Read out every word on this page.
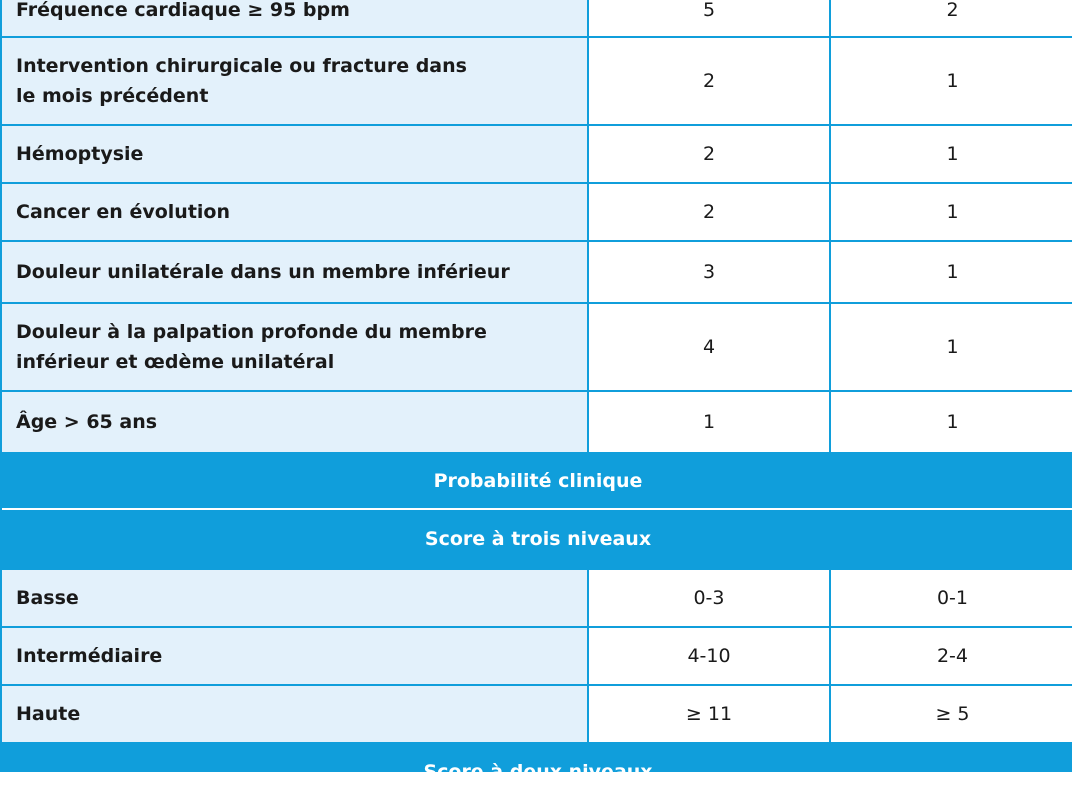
Fréquence cardiaque ≥ 95 bpm	5	2
Intervention chirurgicale ou fracture dans
le mois précédent
2	1
Hémoptysie	2	1
Cancer en évolution	2	1
Douleur unilatérale dans un membre inférieur	3	1
Douleur à la palpation profonde du membre
inférieur et œdème unilatéral
4	1
Âge > 65 ans	1	1
Probabilité clinique
Score à trois niveaux
Basse	0-3	0-1
Intermédiaire	4-10	2-4
Haute	≥ 11	≥ 5
Score à deux niveaux
